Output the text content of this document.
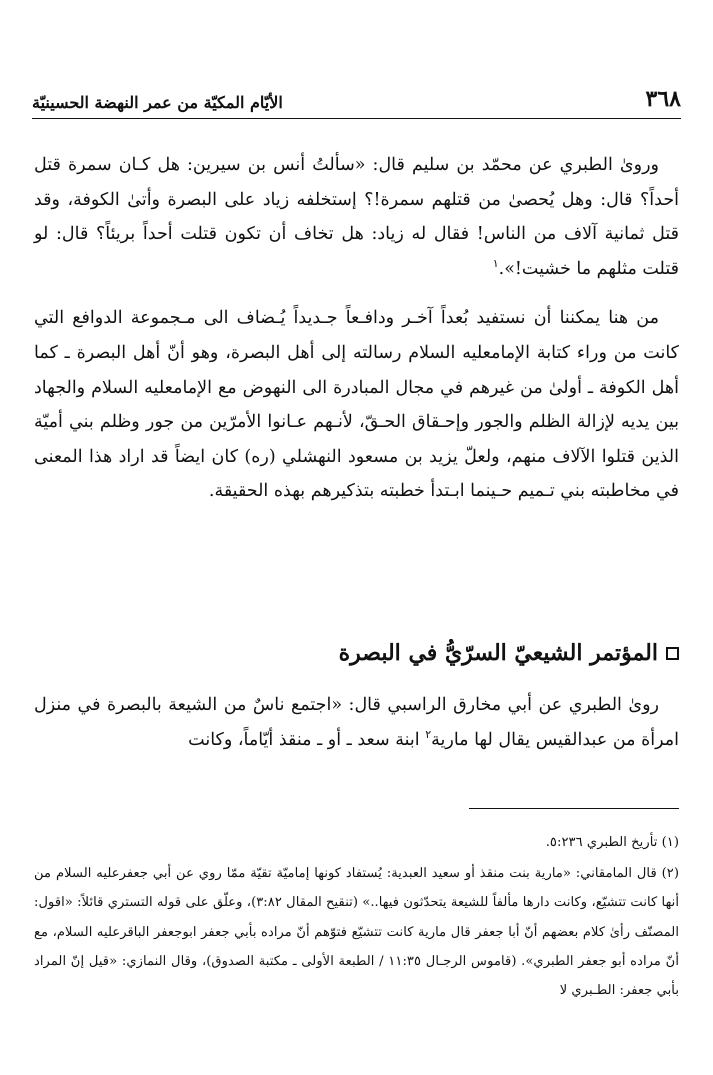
٣٦٨
الأيّام المكيّة من عمر النهضة الحسينيّة

وروىٰ الطبري عن محمّد بن سليم قال: «سألتُ أنس بن سيرين: هل كـان سمرة قتل أحداً؟ قال: وهل يُحصىٰ من قتلهم سمرة!؟ إستخلفه زياد على البصرة وأتىٰ الكوفة، وقد قتل ثمانية آلاف من الناس! فقال له زياد: هل تخاف أن تكون قتلت أحداً بريئاً؟ قال: لو قتلت مثلهم ما خشيت!».$^١$

من هنا يمكننا أن نستفيد بُعداً آخـر ودافـعاً جـديداً يُـضاف الى مـجموعة الدوافع التي كانت من وراء كتابة الإمامعليه السلام رسالته إلى أهل البصرة، وهو أنّ أهل البصرة ـ كما أهل الكوفة ـ أولىٰ من غيرهم في مجال المبادرة الى النهوض مع الإمامعليه السلام والجهاد بين يديه لإزالة الظلم والجور وإحـقاق الحـقّ، لأنـهم عـانوا الأمرّين من جور وظلم بني أميّة الذين قتلوا الآلاف منهم، ولعلّ يزيد بن مسعود النهشلي (ره) كان ايضاً قد اراد هذا المعنى في مخاطبته بني تـميم حـينما ابـتدأ خطبته بتذكيرهم بهذه الحقيقة.

المؤتمر الشيعيّ السرّيُّ في البصرة

روىٰ الطبري عن أبي مخارق الراسبي قال: «اجتمع ناسٌ من الشيعة بالبصرة في منزل امرأة من عبدالقيس يقال لها مارية$^٢$ ابنة سعد ـ أو ـ منقذ أيّاماً، وكانت

(١) تأريخ الطبري ٥:٢٣٦.

(٢) قال المامقاني: «مارية بنت منقذ أو سعيد العبدية: يُستفاد كونها إماميّة تقيّة ممّا روي عن أبي جعفرعليه السلام من أنها كانت تتشيّع، وكانت دارها مألفاً للشيعة يتحدّثون فيها..» (تنقيح المقال ٣:٨٢)، وعلّق على قوله التستري قائلاً: «اقول: المصنّف رأىٰ كلام بعضهم أنّ أبا جعفر قال مارية كانت تتشيّع فتوّهم أنّ مراده بأبي جعفر ابوجعفر الباقرعليه السلام، مع أنّ مراده أبو جعفر الطبري». (قاموس الرجـال ١١:٣٥ / الطبعة الأولى ـ مكتبة الصدوق)، وقال النمازي: «قيل إنّ المراد بأبي جعفر: الطـبري لا
